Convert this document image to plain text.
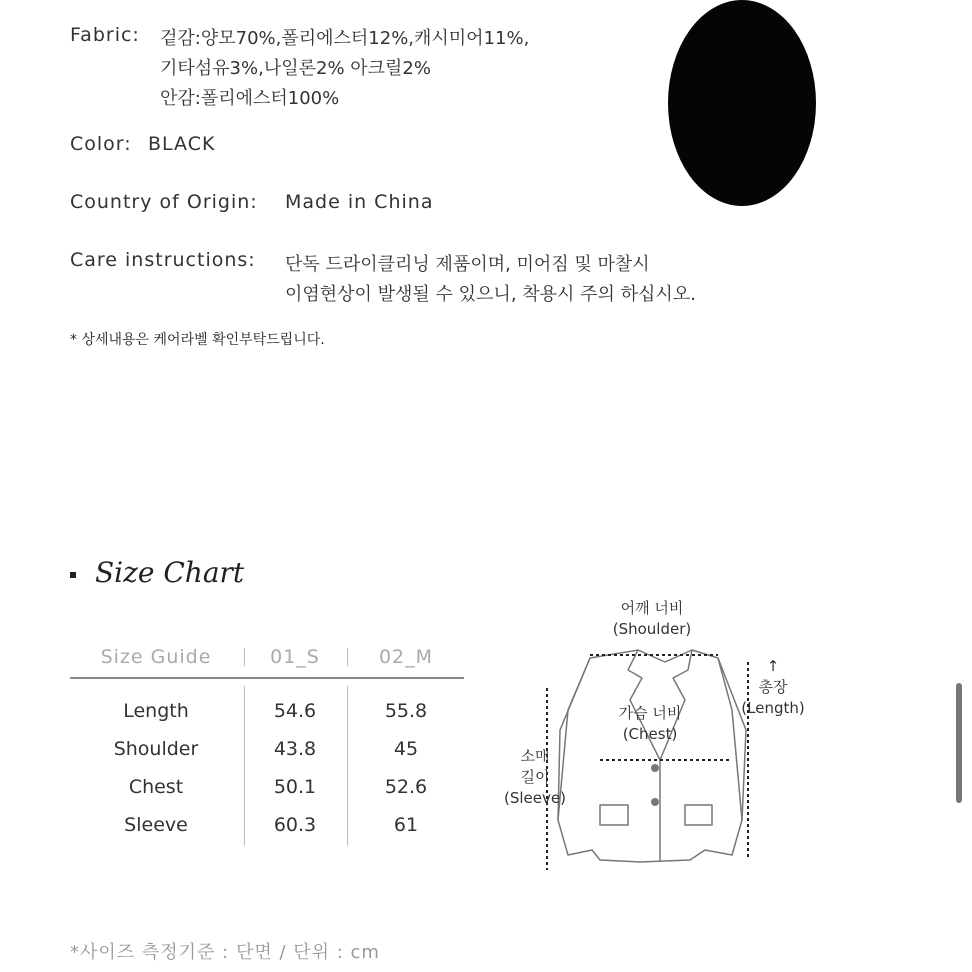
Fabric: 겉감:양모70%,폴리에스터12%,캐시미어11%,
기타섬유3%,나일론2% 아크릴2%
안감:폴리에스터100%
Color: BLACK
Country of Origin: Made in China
Care instructions: 단독 드라이클리닝 제품이며, 미어짐 및 마찰시
이염현상이 발생될 수 있으니, 착용시 주의 하십시오.
* 상세내용은 케어라벨 확인부탁드립니다.
Size Chart
Size Guide	01_S	02_M

Length	54.6	55.8
Shoulder	43.8	45
Chest	50.1	52.6
Sleeve	60.3	61
어깨 너비
(Shoulder)
가슴 너비
(Chest)
↑
총장
(Length)
소매
길이
(Sleeve)
*사이즈 측정기준 : 단면 / 단위 : cm
